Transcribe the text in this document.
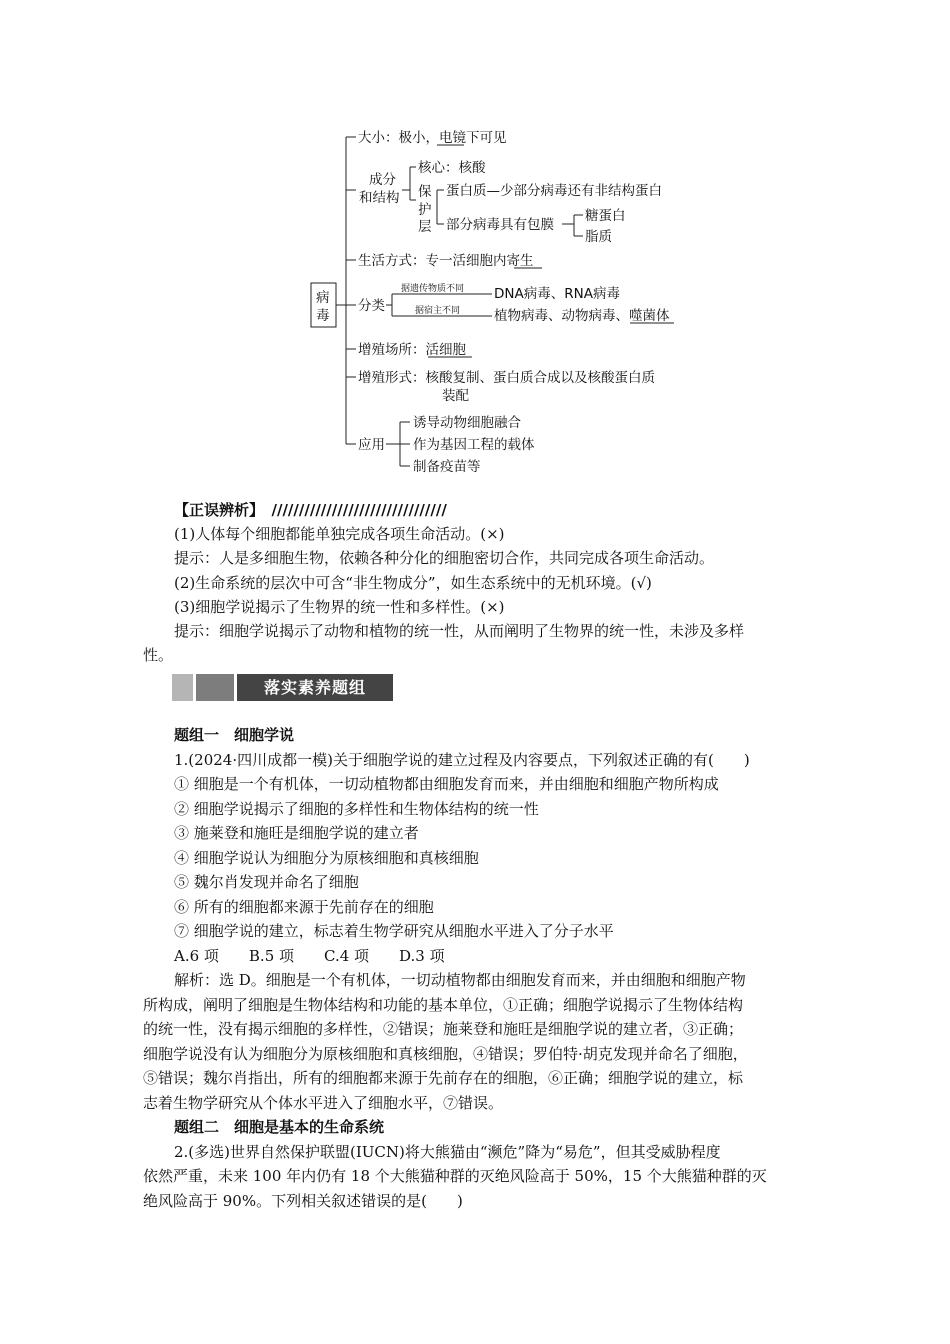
病
毒
大小：极小，电镜下可见
成分
和结构
核心：核酸
保
护
层
蛋白质—少部分病毒还有非结构蛋白
部分病毒具有包膜
糖蛋白
脂质
生活方式：专一活细胞内寄生
分类
据遗传物质不同
据宿主不同
DNA病毒、RNA病毒
植物病毒、动物病毒、噬菌体
增殖场所：活细胞
增殖形式：核酸复制、蛋白质合成以及核酸蛋白质
装配
应用
诱导动物细胞融合
作为基因工程的载体
制备疫苗等
【正误辨析】　////////////////////////////////
(1)人体每个细胞都能单独完成各项生命活动。(×)
提示：人是多细胞生物，依赖各种分化的细胞密切合作，共同完成各项生命活动。
(2)生命系统的层次中可含“非生物成分”，如生态系统中的无机环境。(√)
(3)细胞学说揭示了生物界的统一性和多样性。(×)
提示：细胞学说揭示了动物和植物的统一性，从而阐明了生物界的统一性，未涉及多样
性。
落实素养题组
题组一　细胞学说
1.(2024·四川成都一模)关于细胞学说的建立过程及内容要点，下列叙述正确的有(　　)
① 细胞是一个有机体，一切动植物都由细胞发育而来，并由细胞和细胞产物所构成
② 细胞学说揭示了细胞的多样性和生物体结构的统一性
③ 施莱登和施旺是细胞学说的建立者
④ 细胞学说认为细胞分为原核细胞和真核细胞
⑤ 魏尔肖发现并命名了细胞
⑥ 所有的细胞都来源于先前存在的细胞
⑦ 细胞学说的建立，标志着生物学研究从细胞水平进入了分子水平
A.6 项　　B.5 项　　C.4 项　　D.3 项
解析：选 D。细胞是一个有机体，一切动植物都由细胞发育而来，并由细胞和细胞产物
所构成，阐明了细胞是生物体结构和功能的基本单位，①正确；细胞学说揭示了生物体结构
的统一性，没有揭示细胞的多样性，②错误；施莱登和施旺是细胞学说的建立者，③正确；
细胞学说没有认为细胞分为原核细胞和真核细胞，④错误；罗伯特·胡克发现并命名了细胞，
⑤错误；魏尔肖指出，所有的细胞都来源于先前存在的细胞，⑥正确；细胞学说的建立，标
志着生物学研究从个体水平进入了细胞水平，⑦错误。
题组二　细胞是基本的生命系统
2.(多选)世界自然保护联盟(IUCN)将大熊猫由“濒危”降为“易危”，但其受威胁程度
依然严重，未来 100 年内仍有 18 个大熊猫种群的灭绝风险高于 50%，15 个大熊猫种群的灭
绝风险高于 90%。下列相关叙述错误的是(　　)
